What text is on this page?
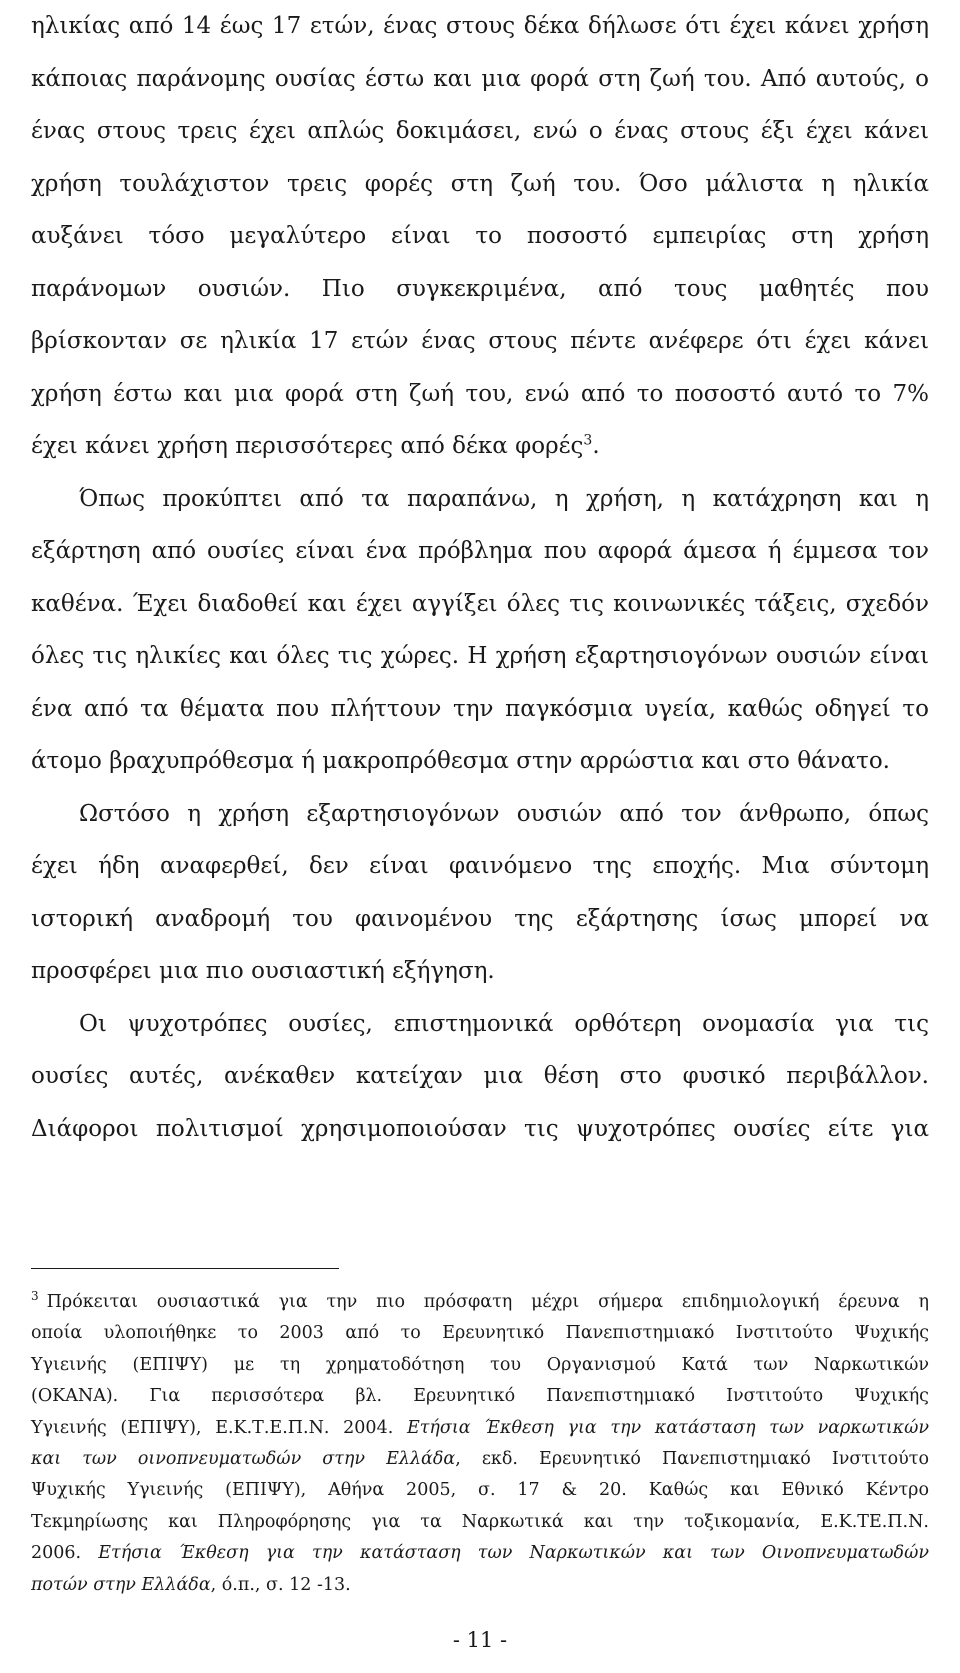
ηλικίας από 14 έως 17 ετών, ένας στους δέκα δήλωσε ότι έχει κάνει χρήση
κάποιας παράνομης ουσίας έστω και μια φορά στη ζωή του. Από αυτούς, ο
ένας στους τρεις έχει απλώς δοκιμάσει, ενώ ο ένας στους έξι έχει κάνει
χρήση τουλάχιστον τρεις φορές στη ζωή του. Όσο μάλιστα η ηλικία
αυξάνει τόσο μεγαλύτερο είναι το ποσοστό εμπειρίας στη χρήση
παράνομων ουσιών. Πιο συγκεκριμένα, από τους μαθητές που
βρίσκονταν σε ηλικία 17 ετών ένας στους πέντε ανέφερε ότι έχει κάνει
χρήση έστω και μια φορά στη ζωή του, ενώ από το ποσοστό αυτό το 7%
έχει κάνει χρήση περισσότερες από δέκα φορές$^3$.
Όπως προκύπτει από τα παραπάνω, η χρήση, η κατάχρηση και η
εξάρτηση από ουσίες είναι ένα πρόβλημα που αφορά άμεσα ή έμμεσα τον
καθένα. Έχει διαδοθεί και έχει αγγίξει όλες τις κοινωνικές τάξεις, σχεδόν
όλες τις ηλικίες και όλες τις χώρες. Η χρήση εξαρτησιογόνων ουσιών είναι
ένα από τα θέματα που πλήττουν την παγκόσμια υγεία, καθώς οδηγεί το
άτομο βραχυπρόθεσμα ή μακροπρόθεσμα στην αρρώστια και στο θάνατο.
Ωστόσο η χρήση εξαρτησιογόνων ουσιών από τον άνθρωπο, όπως
έχει ήδη αναφερθεί, δεν είναι φαινόμενο της εποχής. Μια σύντομη
ιστορική αναδρομή του φαινομένου της εξάρτησης ίσως μπορεί να
προσφέρει μια πιο ουσιαστική εξήγηση.
Οι ψυχοτρόπες ουσίες, επιστημονικά ορθότερη ονομασία για τις
ουσίες αυτές, ανέκαθεν κατείχαν μια θέση στο φυσικό περιβάλλον.
Διάφοροι πολιτισμοί χρησιμοποιούσαν τις ψυχοτρόπες ουσίες είτε για
$^3$ Πρόκειται ουσιαστικά για την πιο πρόσφατη μέχρι σήμερα επιδημιολογική έρευνα η
οποία υλοποιήθηκε το 2003 από το Ερευνητικό Πανεπιστημιακό Ινστιτούτο Ψυχικής
Υγιεινής (ΕΠΙΨΥ) με τη χρηματοδότηση του Οργανισμού Κατά των Ναρκωτικών
(ΟΚΑΝΑ). Για περισσότερα βλ. Ερευνητικό Πανεπιστημιακό Ινστιτούτο Ψυχικής
Υγιεινής (ΕΠΙΨΥ), Ε.Κ.Τ.Ε.Π.Ν. 2004. Ετήσια Έκθεση για την κατάσταση των ναρκωτικών
και των οινοπνευματωδών στην Ελλάδα, εκδ. Ερευνητικό Πανεπιστημιακό Ινστιτούτο
Ψυχικής Υγιεινής (ΕΠΙΨΥ), Αθήνα 2005, σ. 17 & 20. Καθώς και Εθνικό Κέντρο
Τεκμηρίωσης και Πληροφόρησης για τα Ναρκωτικά και την τοξικομανία, Ε.Κ.ΤΕ.Π.Ν.
2006. Ετήσια Έκθεση για την κατάσταση των Ναρκωτικών και των Οινοπνευματωδών
ποτών στην Ελλάδα, ό.π., σ. 12 -13.
- 11 -
